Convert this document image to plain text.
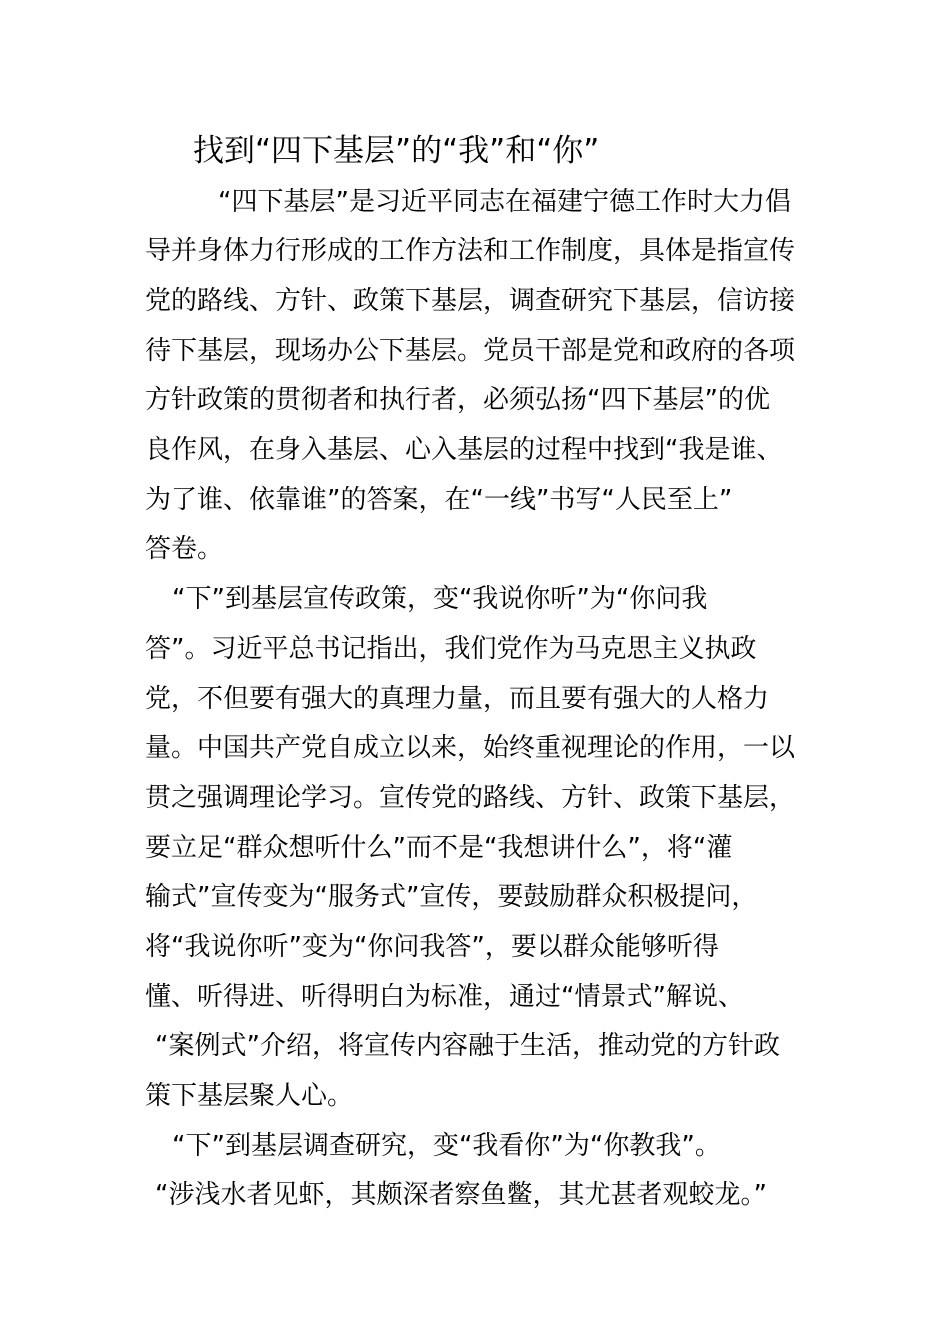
找到“四下基层”的“我”和“你”
“四下基层”是习近平同志在福建宁德工作时大力倡
导并身体力行形成的工作方法和工作制度，具体是指宣传
党的路线、方针、政策下基层，调查研究下基层，信访接
待下基层，现场办公下基层。党员干部是党和政府的各项
方针政策的贯彻者和执行者，必须弘扬“四下基层”的优
良作风，在身入基层、心入基层的过程中找到“我是谁、
为了谁、依靠谁”的答案，在“一线”书写“人民至上”
答卷。
“下”到基层宣传政策，变“我说你听”为“你问我
答”。习近平总书记指出，我们党作为马克思主义执政
党，不但要有强大的真理力量，而且要有强大的人格力
量。中国共产党自成立以来，始终重视理论的作用，一以
贯之强调理论学习。宣传党的路线、方针、政策下基层，
要立足“群众想听什么”而不是“我想讲什么”，将“灌
输式”宣传变为“服务式”宣传，要鼓励群众积极提问，
将“我说你听”变为“你问我答”，要以群众能够听得
懂、听得进、听得明白为标准，通过“情景式”解说、
“案例式”介绍，将宣传内容融于生活，推动党的方针政
策下基层聚人心。
“下”到基层调查研究，变“我看你”为“你教我”。
“涉浅水者见虾，其颇深者察鱼鳖，其尤甚者观蛟龙。”
